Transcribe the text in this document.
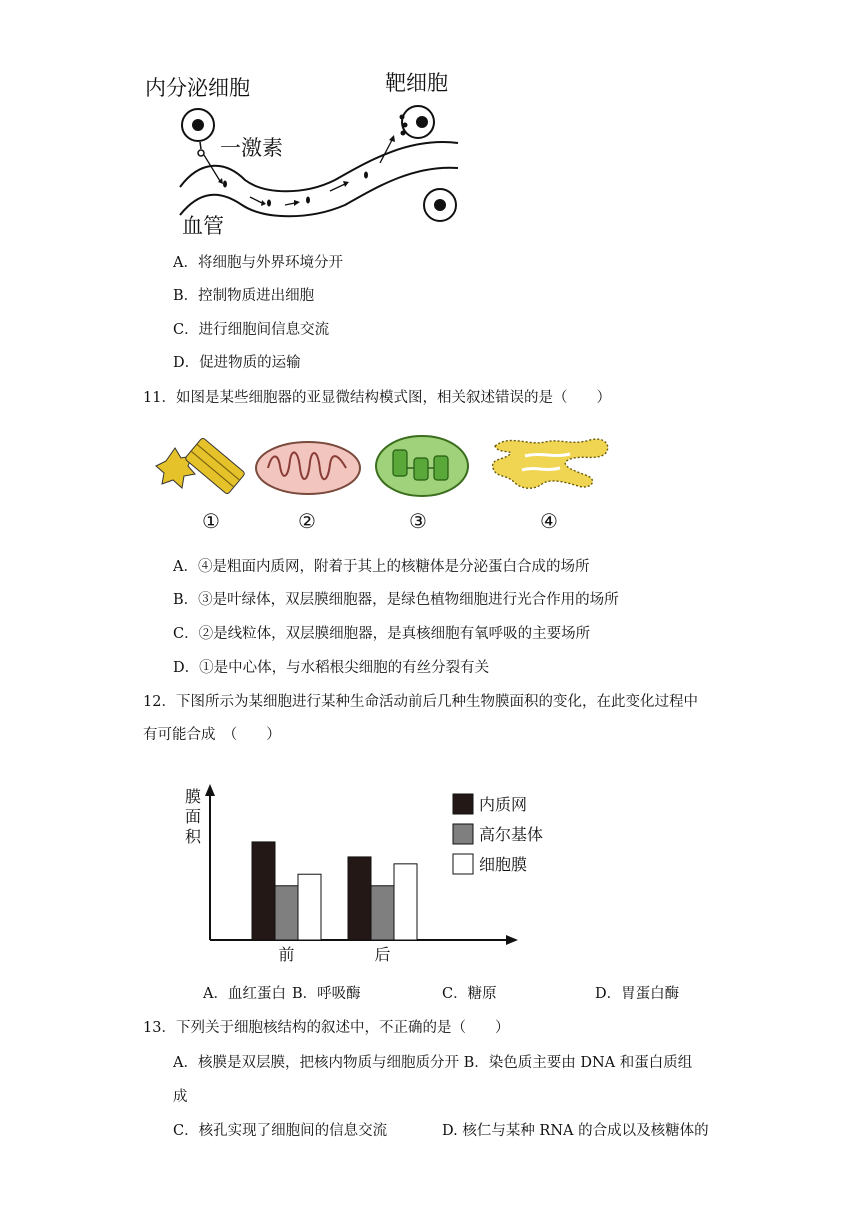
内分泌细胞	靶细胞
一激素
血管
A．将细胞与外界环境分开
B．控制物质进出细胞
C．进行细胞间信息交流
D．促进物质的运输
11．如图是某些细胞器的亚显微结构模式图，相关叙述错误的是（　　）
①	②	③	④
A．④是粗面内质网，附着于其上的核糖体是分泌蛋白合成的场所
B．③是叶绿体，双层膜细胞器，是绿色植物细胞进行光合作用的场所
C．②是线粒体，双层膜细胞器，是真核细胞有氧呼吸的主要场所
D．①是中心体，与水稻根尖细胞的有丝分裂有关
12．下图所示为某细胞进行某种生命活动前后几种生物膜面积的变化，在此变化过程中
有可能合成　（　　）
膜
面
积
前	后
内质网
高尔基体
细胞膜
A．血红蛋白 B．呼吸酶	C．糖原	D．胃蛋白酶
13．下列关于细胞核结构的叙述中，不正确的是（　　）
A．核膜是双层膜，把核内物质与细胞质分开 B．染色质主要由 DNA 和蛋白质组
成
C．核孔实现了细胞间的信息交流	D. 核仁与某种 RNA 的合成以及核糖体的
